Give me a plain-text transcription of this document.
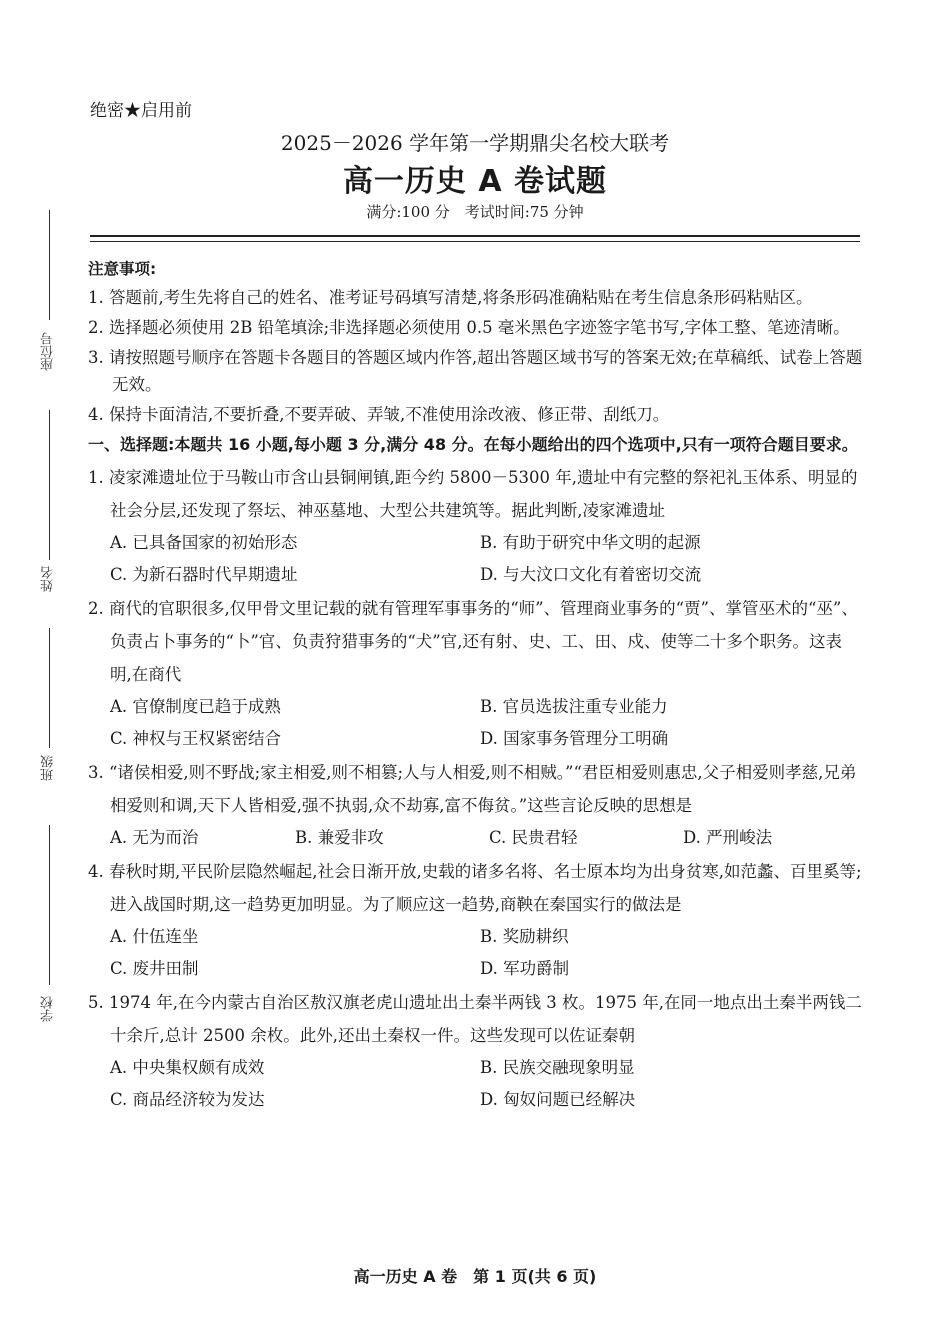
座位号
姓名
班级
学校
绝密★启用前
2025－2026 学年第一学期鼎尖名校大联考
高一历史 A 卷试题
满分:100 分　考试时间:75 分钟
注意事项:
1. 答题前,考生先将自己的姓名、准考证号码填写清楚,将条形码准确粘贴在考生信息条形码粘贴区。
2. 选择题必须使用 2B 铅笔填涂;非选择题必须使用 0.5 毫米黑色字迹签字笔书写,字体工整、笔迹清晰。
3. 请按照题号顺序在答题卡各题目的答题区域内作答,超出答题区域书写的答案无效;在草稿纸、试卷上答题无效。
4. 保持卡面清洁,不要折叠,不要弄破、弄皱,不准使用涂改液、修正带、刮纸刀。
一、选择题:本题共 16 小题,每小题 3 分,满分 48 分。在每小题给出的四个选项中,只有一项符合题目要求。
1. 凌家滩遗址位于马鞍山市含山县铜闸镇,距今约 5800－5300 年,遗址中有完整的祭祀礼玉体系、明显的社会分层,还发现了祭坛、神巫墓地、大型公共建筑等。据此判断,凌家滩遗址
A. 已具备国家的初始形态	B. 有助于研究中华文明的起源
C. 为新石器时代早期遗址	D. 与大汶口文化有着密切交流
2. 商代的官职很多,仅甲骨文里记载的就有管理军事事务的“师”、管理商业事务的“贾”、掌管巫术的“巫”、负责占卜事务的“卜”官、负责狩猎事务的“犬”官,还有射、史、工、田、戍、使等二十多个职务。这表明,在商代
A. 官僚制度已趋于成熟	B. 官员选拔注重专业能力
C. 神权与王权紧密结合	D. 国家事务管理分工明确
3. “诸侯相爱,则不野战;家主相爱,则不相篡;人与人相爱,则不相贼。”“君臣相爱则惠忠,父子相爱则孝慈,兄弟相爱则和调,天下人皆相爱,强不执弱,众不劫寡,富不侮贫。”这些言论反映的思想是
A. 无为而治	B. 兼爱非攻	C. 民贵君轻	D. 严刑峻法
4. 春秋时期,平民阶层隐然崛起,社会日渐开放,史载的诸多名将、名士原本均为出身贫寒,如范蠡、百里奚等;进入战国时期,这一趋势更加明显。为了顺应这一趋势,商鞅在秦国实行的做法是
A. 什伍连坐	B. 奖励耕织
C. 废井田制	D. 军功爵制
5. 1974 年,在今内蒙古自治区敖汉旗老虎山遗址出土秦半两钱 3 枚。1975 年,在同一地点出土秦半两钱二十余斤,总计 2500 余枚。此外,还出土秦权一件。这些发现可以佐证秦朝
A. 中央集权颇有成效	B. 民族交融现象明显
C. 商品经济较为发达	D. 匈奴问题已经解决
高一历史 A 卷　第 1 页(共 6 页)
